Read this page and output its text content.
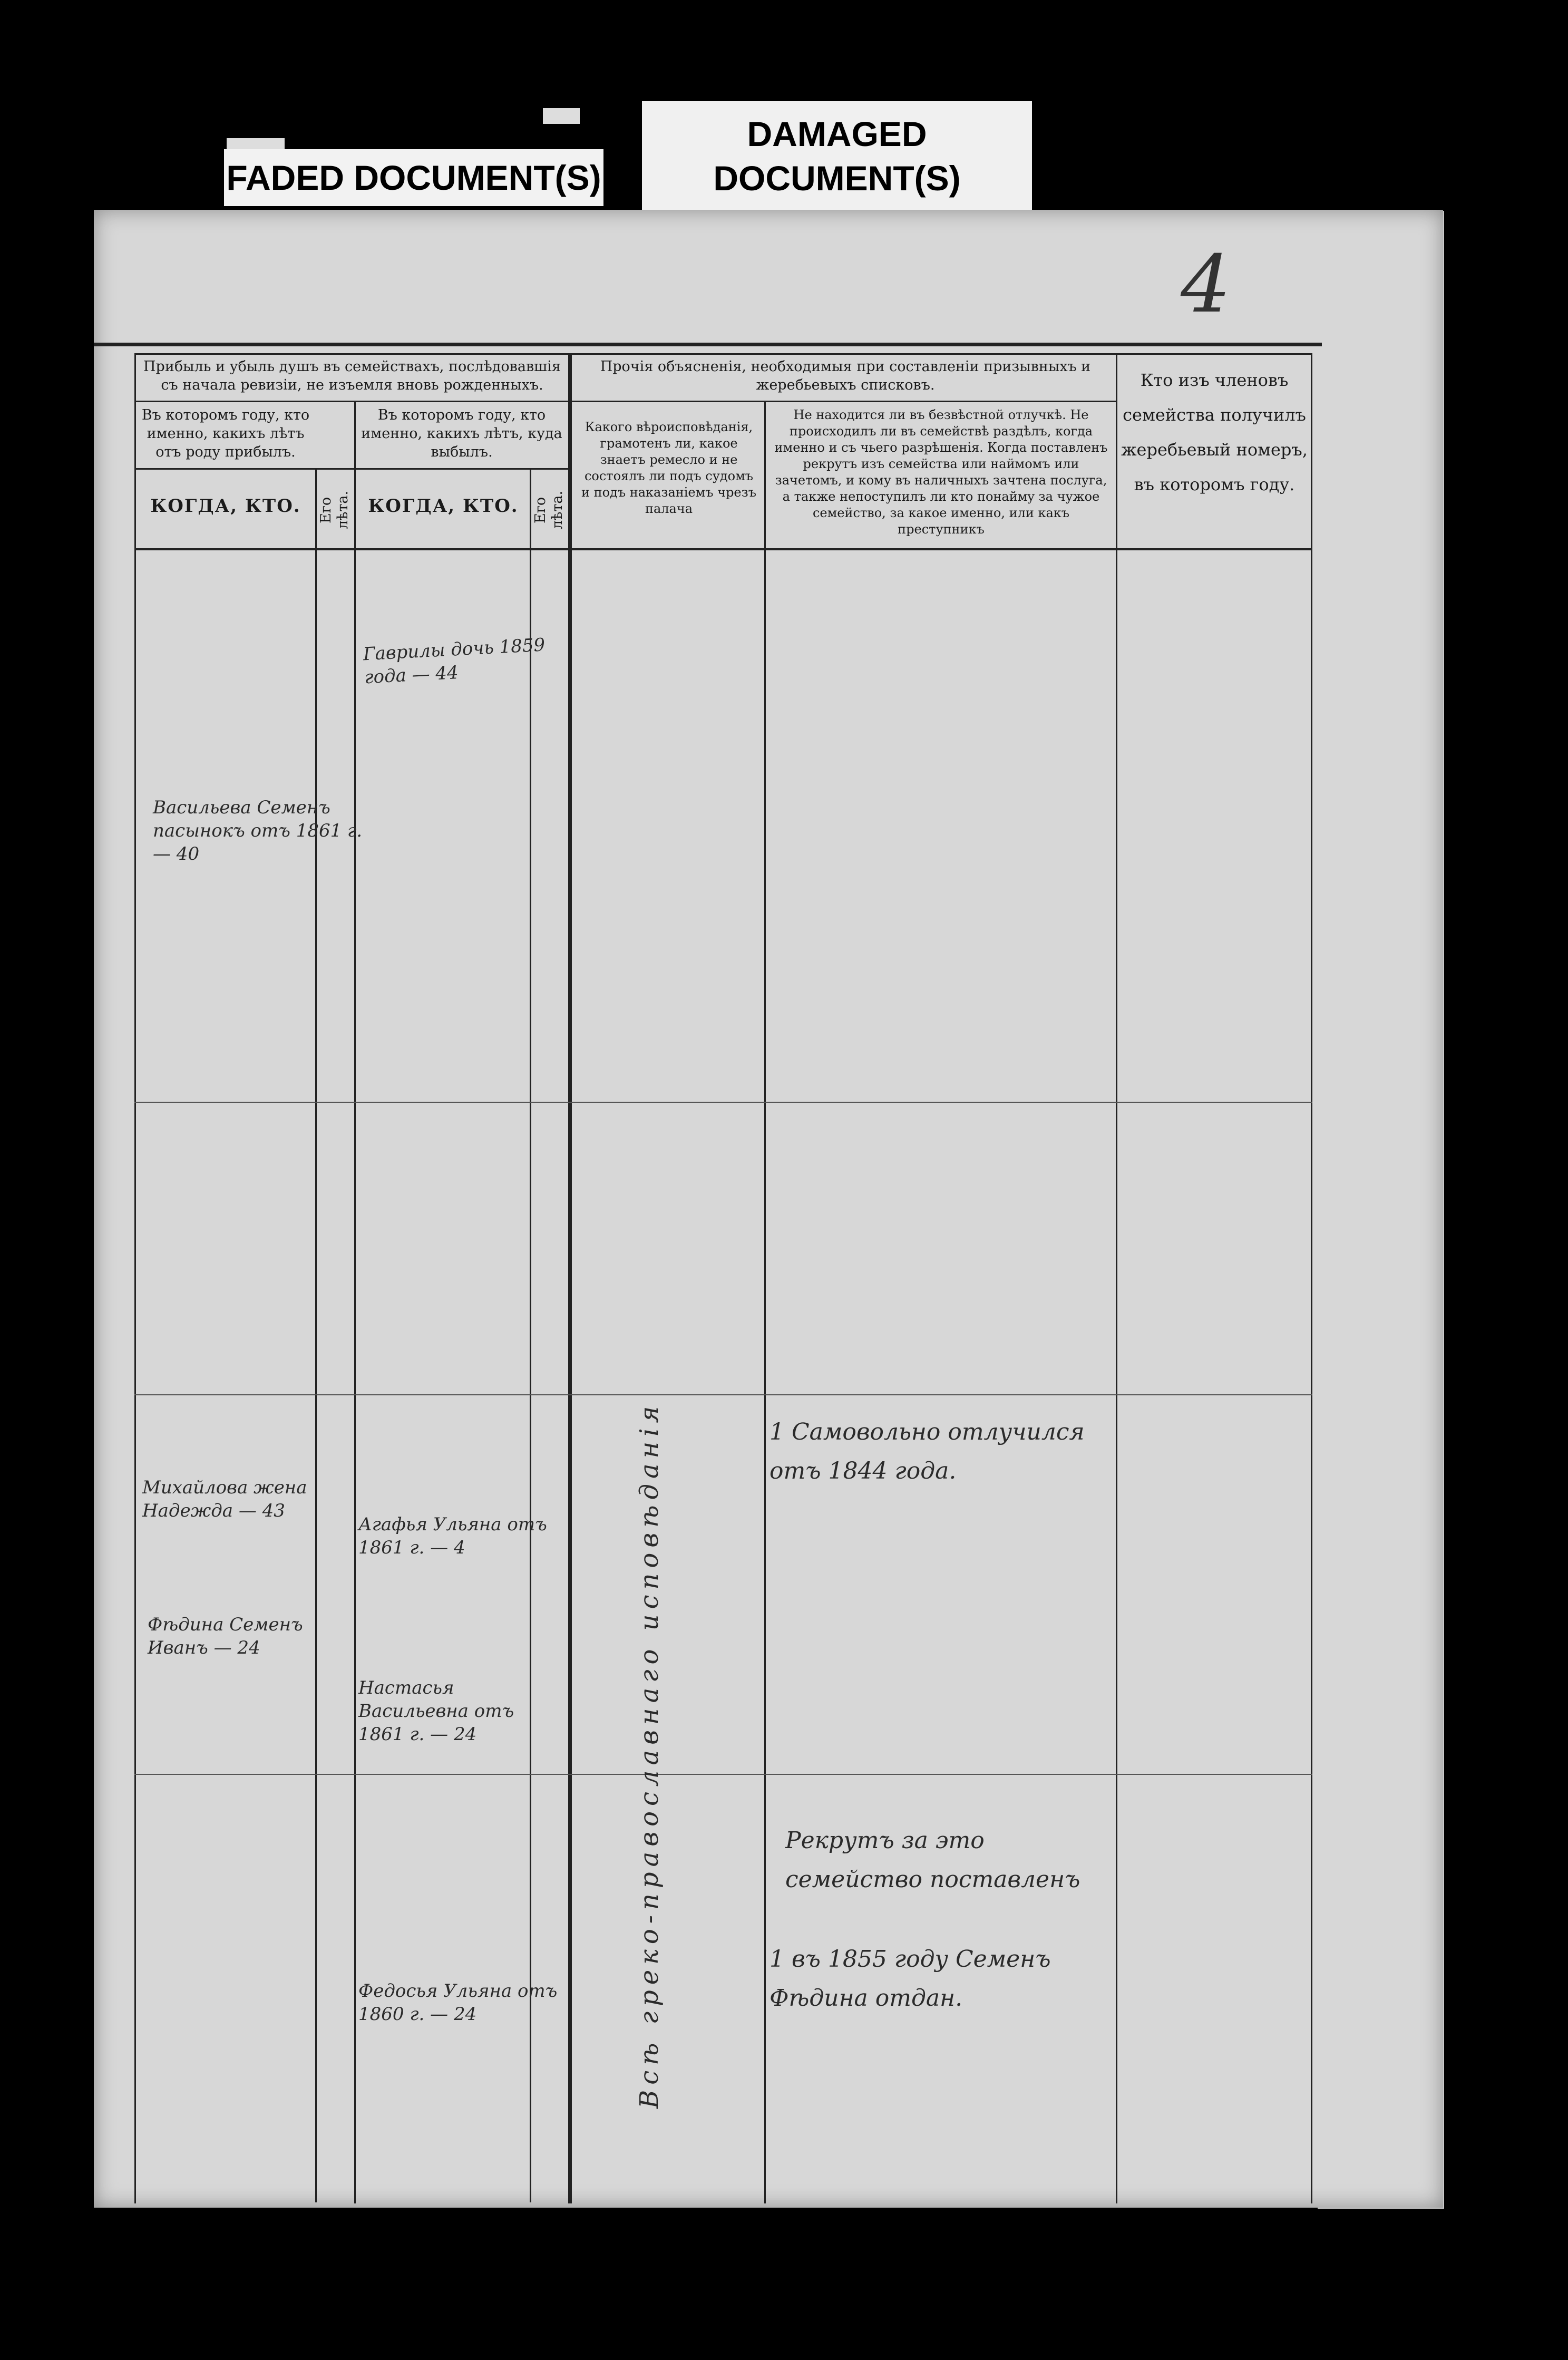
FADED DOCUMENT(S)
DAMAGED
DOCUMENT(S)
4
Прибыль и убыль душъ въ семействахъ, послѣдовавшія съ начала ревизіи, не изъемля вновь рожденныхъ.
Прочія объясненія, необходимыя при составленіи призывныхъ и жеребьевыхъ списковъ.	Кто изъ членовъ семейства получилъ жеребьевый номеръ, въ которомъ году.
Въ которомъ году, кто именно, какихъ лѣтъ отъ роду прибылъ.
Въ которомъ году, кто именно, какихъ лѣтъ, куда выбылъ.
КОГДА, КТО.	Его лѣта. КОГДА, КТО. Его лѣта.
Какого вѣроисповѣданія, грамотенъ ли, какое знаетъ ремесло и не состоялъ ли подъ судомъ и подъ наказаніемъ чрезъ палача
Не находится ли въ безвѣстной отлучкѣ. Не происходилъ ли въ семействѣ раздѣлъ, когда именно и съ чьего разрѣшенія. Когда поставленъ рекрутъ изъ семейства или наймомъ или зачетомъ, и кому въ наличныхъ зачтена послуга, а также непоступилъ ли кто понаймy за чужое семейство, за какое именно, или какъ преступникъ
Гаврилы дочь 1859 года — 44
Васильева Семенъ пасынокъ отъ 1861 г. — 40
Всѣ греко-православнаго исповѣданія
Михайлова жена Надежда — 43
Фѣдина Семенъ Иванъ — 24
Агафья Ульяна отъ 1861 г. — 4
Настасья Васильевна отъ 1861 г. — 24
Федосья Ульяна отъ 1860 г. — 24
1 Самовольно отлучился отъ 1844 года.
Рекрутъ за это семейство поставленъ
1 въ 1855 году Семенъ Фѣдина отдан.
